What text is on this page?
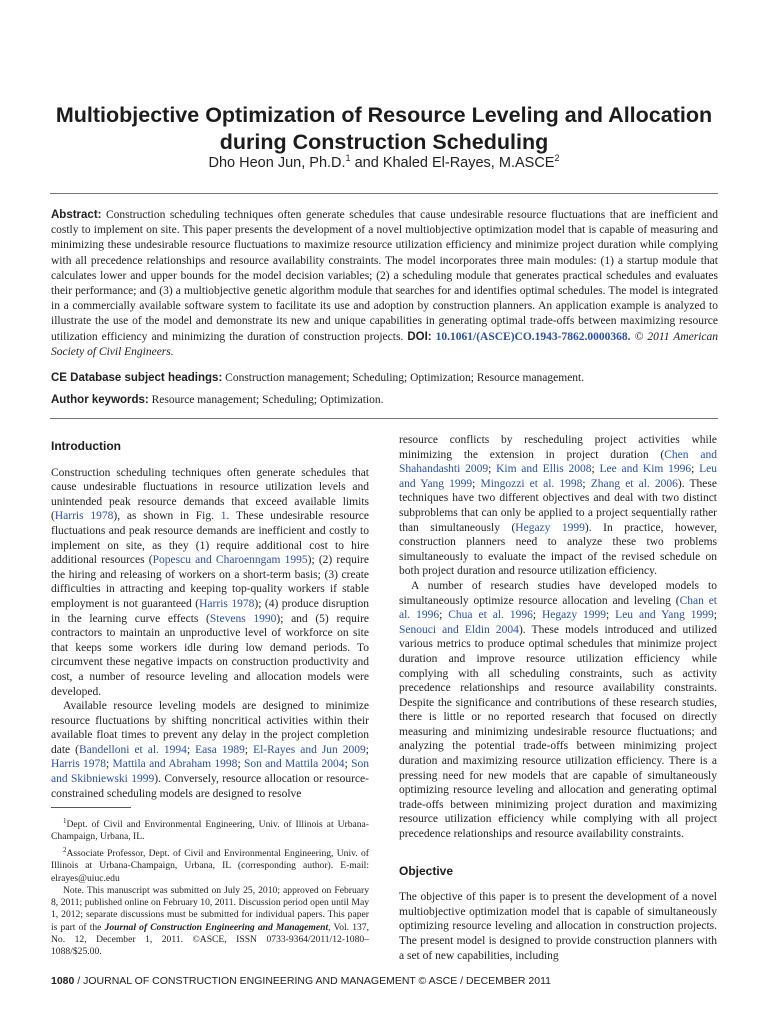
Multiobjective Optimization of Resource Leveling and Allocation during Construction Scheduling
Dho Heon Jun, Ph.D.$^1$ and Khaled El-Rayes, M.ASCE$^2$
Abstract: Construction scheduling techniques often generate schedules that cause undesirable resource fluctuations that are inefficient and costly to implement on site. This paper presents the development of a novel multiobjective optimization model that is capable of measuring and minimizing these undesirable resource fluctuations to maximize resource utilization efficiency and minimize project duration while complying with all precedence relationships and resource availability constraints. The model incorporates three main modules: (1) a startup module that calculates lower and upper bounds for the model decision variables; (2) a scheduling module that generates practical schedules and evaluates their performance; and (3) a multiobjective genetic algorithm module that searches for and identifies optimal schedules. The model is integrated in a commercially available software system to facilitate its use and adoption by construction planners. An application example is analyzed to illustrate the use of the model and demonstrate its new and unique capabilities in generating optimal trade-offs between maximizing resource utilization efficiency and minimizing the duration of construction projects. DOI: 10.1061/(ASCE)CO.1943-7862.0000368. © 2011 American Society of Civil Engineers.
CE Database subject headings: Construction management; Scheduling; Optimization; Resource management.
Author keywords: Resource management; Scheduling; Optimization.
Introduction

Construction scheduling techniques often generate schedules that cause undesirable fluctuations in resource utilization levels and unintended peak resource demands that exceed available limits (Harris 1978), as shown in Fig. 1. These undesirable resource fluctuations and peak resource demands are inefficient and costly to implement on site, as they (1) require additional cost to hire additional resources (Popescu and Charoenngam 1995); (2) require the hiring and releasing of workers on a short-term basis; (3) create difficulties in attracting and keeping top-quality workers if stable employment is not guaranteed (Harris 1978); (4) produce disruption in the learning curve effects (Stevens 1990); and (5) require contractors to maintain an unproductive level of workforce on site that keeps some workers idle during low demand periods. To circumvent these negative impacts on construction productivity and cost, a number of resource leveling and allocation models were developed.

Available resource leveling models are designed to minimize resource fluctuations by shifting noncritical activities within their available float times to prevent any delay in the project completion date (Bandelloni et al. 1994; Easa 1989; El-Rayes and Jun 2009; Harris 1978; Mattila and Abraham 1998; Son and Mattila 2004; Son and Skibniewski 1999). Conversely, resource allocation or resource-constrained scheduling models are designed to resolve

$^1$Dept. of Civil and Environmental Engineering, Univ. of Illinois at Urbana-Champaign, Urbana, IL.

$^2$Associate Professor, Dept. of Civil and Environmental Engineering, Univ. of Illinois at Urbana-Champaign, Urbana, IL (corresponding author). E-mail: elrayes@uiuc.edu

Note. This manuscript was submitted on July 25, 2010; approved on February 8, 2011; published online on February 10, 2011. Discussion period open until May 1, 2012; separate discussions must be submitted for individual papers. This paper is part of the Journal of Construction Engineering and Management, Vol. 137, No. 12, December 1, 2011. ©ASCE, ISSN 0733-9364/2011/12-1080–1088/$25.00.

resource conflicts by rescheduling project activities while minimizing the extension in project duration (Chen and Shahandashti 2009; Kim and Ellis 2008; Lee and Kim 1996; Leu and Yang 1999; Mingozzi et al. 1998; Zhang et al. 2006). These techniques have two different objectives and deal with two distinct subproblems that can only be applied to a project sequentially rather than simultaneously (Hegazy 1999). In practice, however, construction planners need to analyze these two problems simultaneously to evaluate the impact of the revised schedule on both project duration and resource utilization efficiency.

A number of research studies have developed models to simultaneously optimize resource allocation and leveling (Chan et al. 1996; Chua et al. 1996; Hegazy 1999; Leu and Yang 1999; Senouci and Eldin 2004). These models introduced and utilized various metrics to produce optimal schedules that minimize project duration and improve resource utilization efficiency while complying with all scheduling constraints, such as activity precedence relationships and resource availability constraints. Despite the significance and contributions of these research studies, there is little or no reported research that focused on directly measuring and minimizing undesirable resource fluctuations; and analyzing the potential trade-offs between minimizing project duration and maximizing resource utilization efficiency. There is a pressing need for new models that are capable of simultaneously optimizing resource leveling and allocation and generating optimal trade-offs between minimizing project duration and maximizing resource utilization efficiency while complying with all project precedence relationships and resource availability constraints.

Objective

The objective of this paper is to present the development of a novel multiobjective optimization model that is capable of simultaneously optimizing resource leveling and allocation in construction projects. The present model is designed to provide construction planners with a set of new capabilities, including

1080 / JOURNAL OF CONSTRUCTION ENGINEERING AND MANAGEMENT © ASCE / DECEMBER 2011
